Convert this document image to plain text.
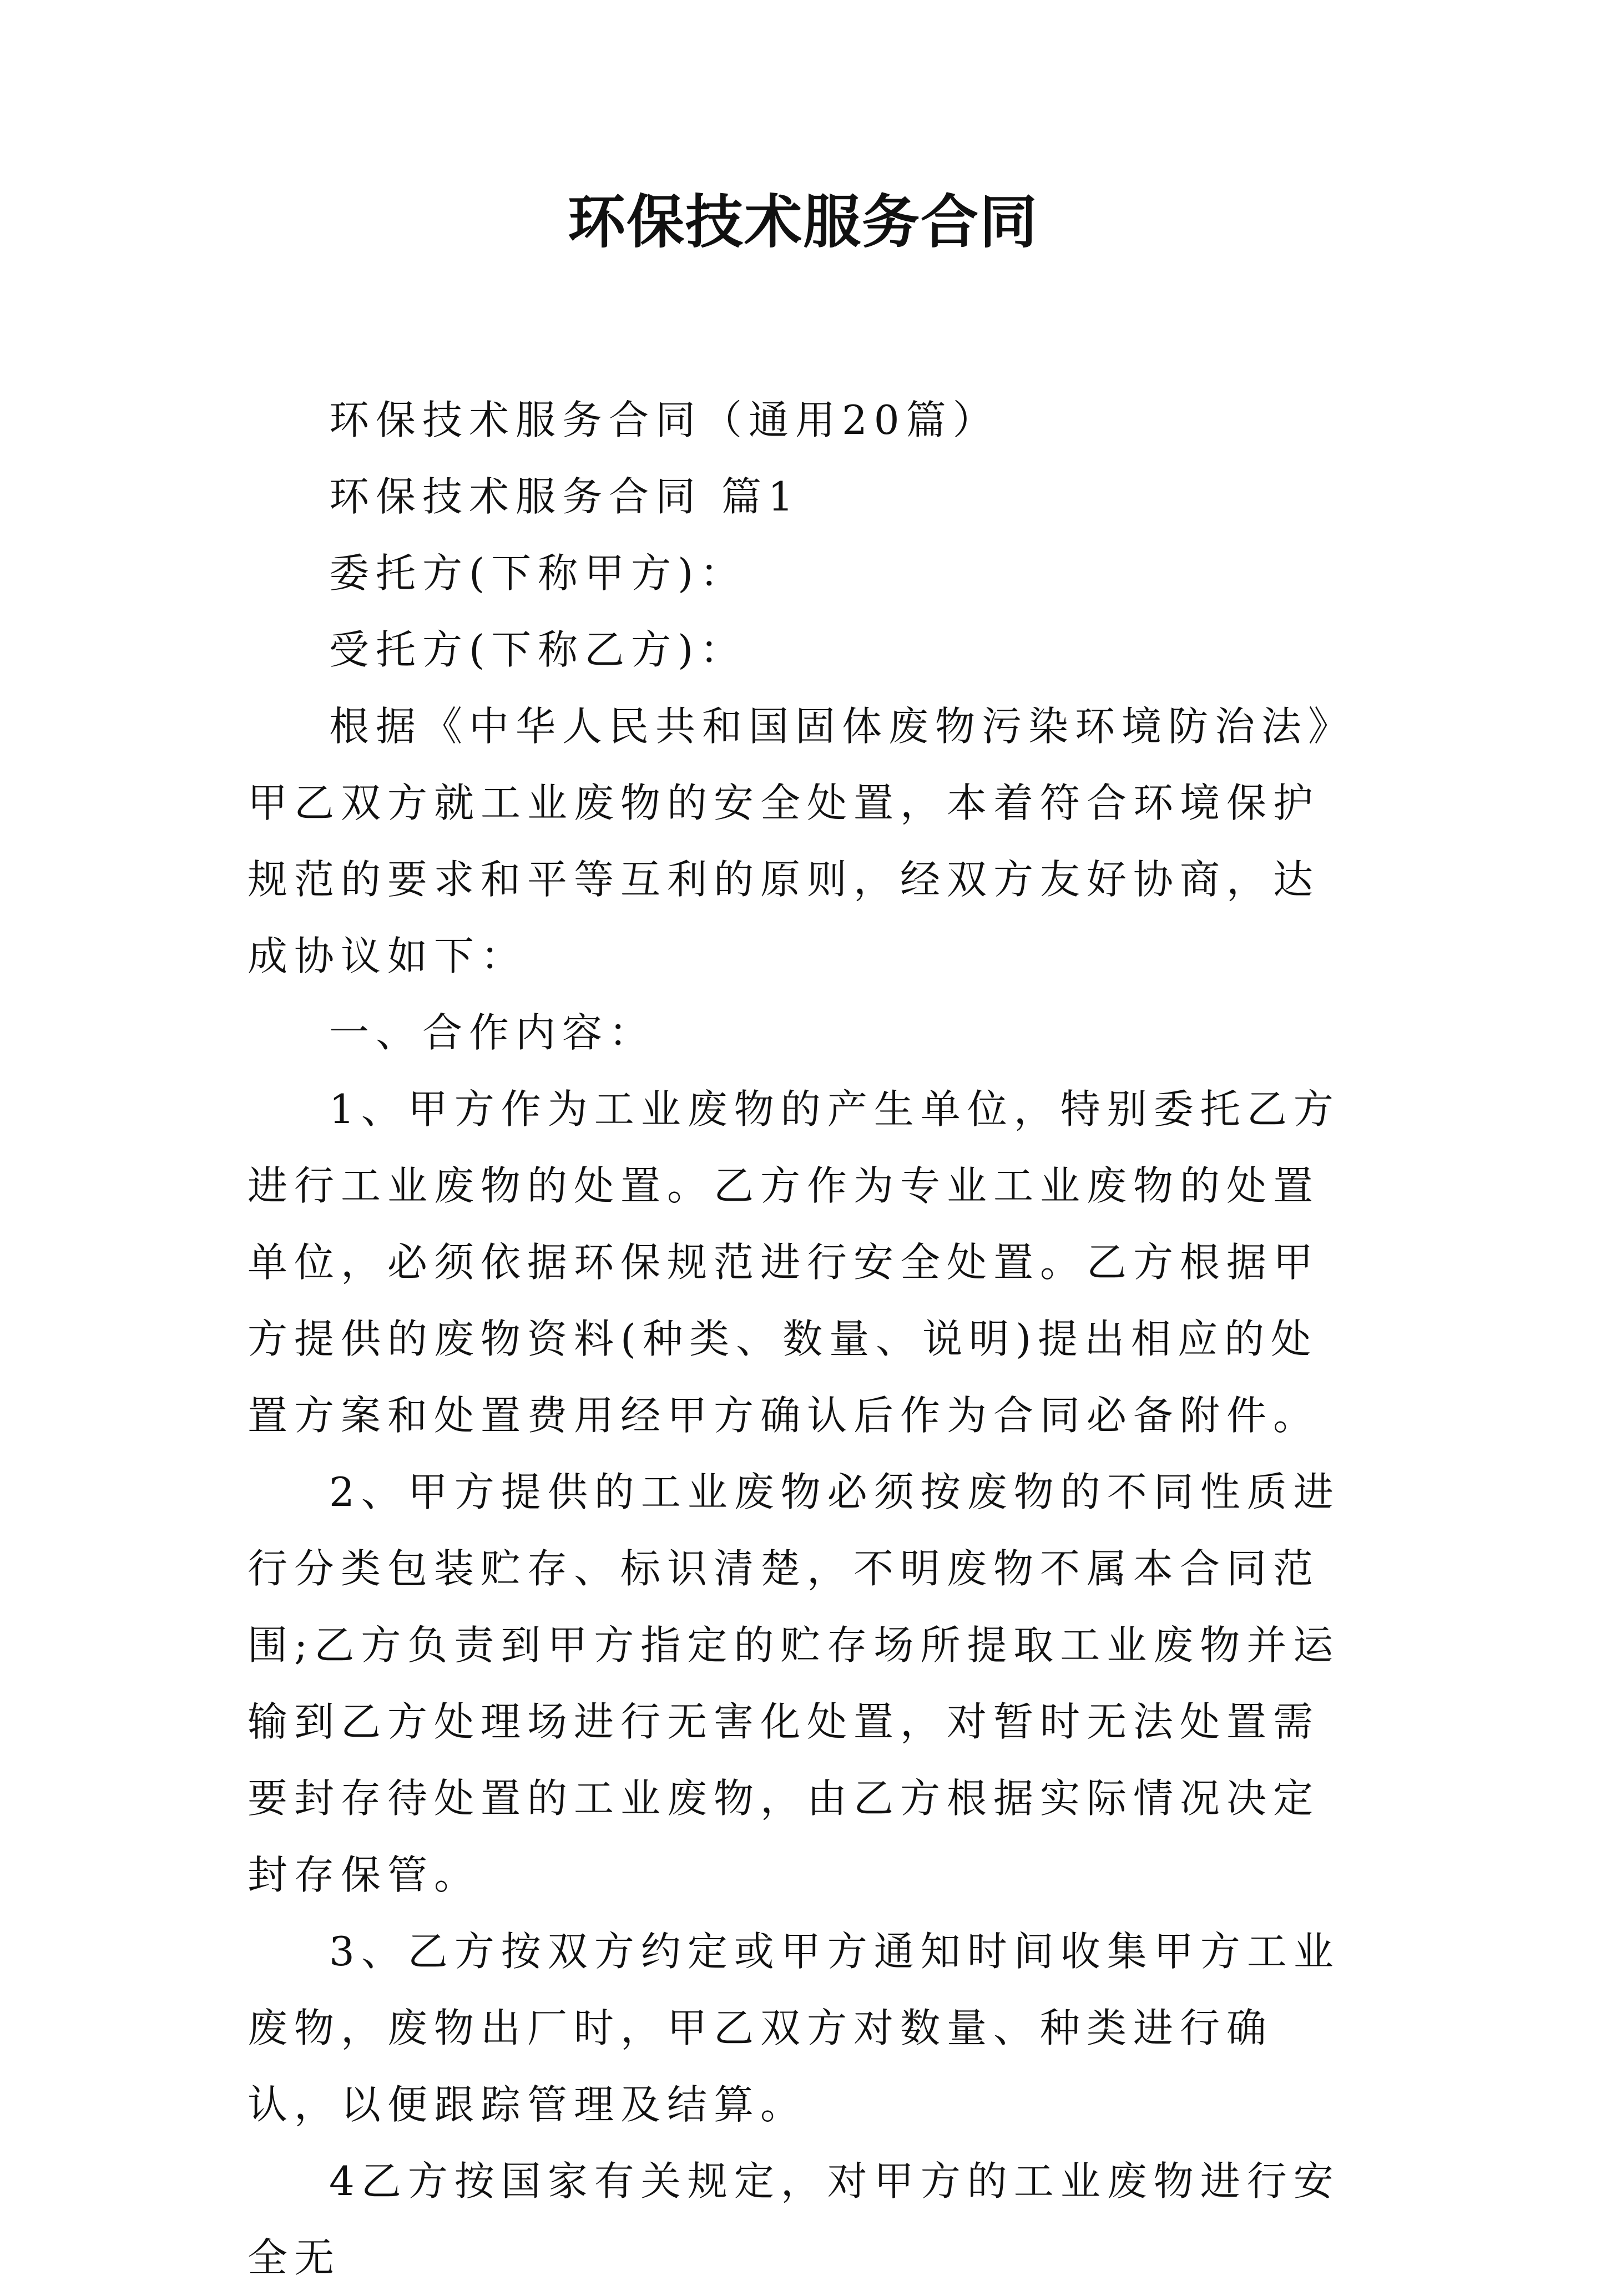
环保技术服务合同

环保技术服务合同（通用20篇）

环保技术服务合同 篇1

委托方(下称甲方)：

受托方(下称乙方)：

根据《中华人民共和国固体废物污染环境防治法》甲乙双方就工业废物的安全处置，本着符合环境保护规范的要求和平等互利的原则，经双方友好协商，达成协议如下：

一、合作内容：

1、甲方作为工业废物的产生单位，特别委托乙方进行工业废物的处置。乙方作为专业工业废物的处置单位，必须依据环保规范进行安全处置。乙方根据甲方提供的废物资料(种类、数量、说明)提出相应的处置方案和处置费用经甲方确认后作为合同必备附件。

2、甲方提供的工业废物必须按废物的不同性质进行分类包装贮存、标识清楚，不明废物不属本合同范围;乙方负责到甲方指定的贮存场所提取工业废物并运输到乙方处理场进行无害化处置，对暂时无法处置需要封存待处置的工业废物，由乙方根据实际情况决定封存保管。

3、乙方按双方约定或甲方通知时间收集甲方工业废物，废物出厂时，甲乙双方对数量、种类进行确认，以便跟踪管理及结算。

4乙方按国家有关规定，对甲方的工业废物进行安全无
